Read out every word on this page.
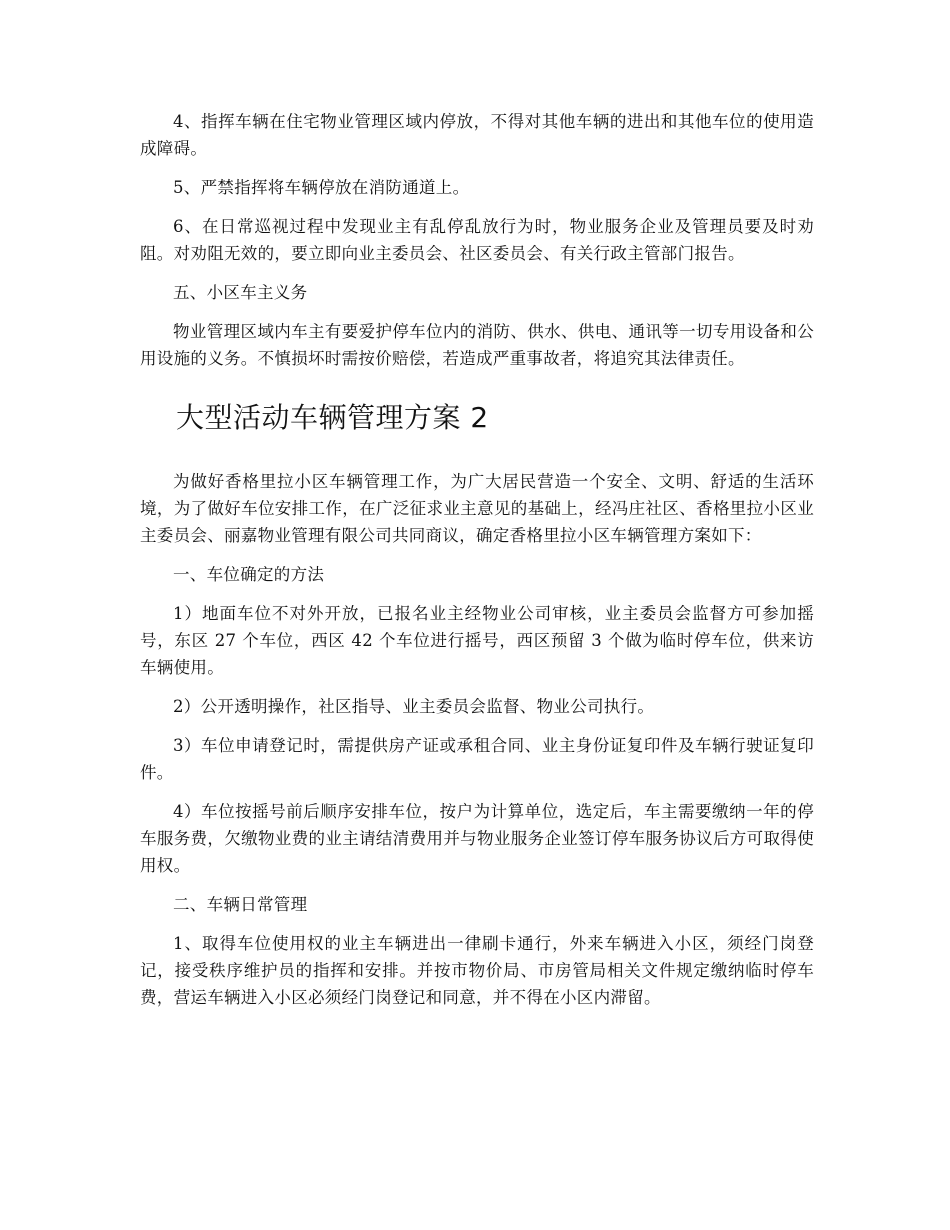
4、指挥车辆在住宅物业管理区域内停放，不得对其他车辆的进出和其他车位的使用造成障碍。

5、严禁指挥将车辆停放在消防通道上。

6、在日常巡视过程中发现业主有乱停乱放行为时，物业服务企业及管理员要及时劝阻。对劝阻无效的，要立即向业主委员会、社区委员会、有关行政主管部门报告。

五、小区车主义务

物业管理区域内车主有要爱护停车位内的消防、供水、供电、通讯等一切专用设备和公用设施的义务。不慎损坏时需按价赔偿，若造成严重事故者，将追究其法律责任。

大型活动车辆管理方案 2

为做好香格里拉小区车辆管理工作，为广大居民营造一个安全、文明、舒适的生活环境，为了做好车位安排工作，在广泛征求业主意见的基础上，经冯庄社区、香格里拉小区业主委员会、丽嘉物业管理有限公司共同商议，确定香格里拉小区车辆管理方案如下：

一、车位确定的方法

1）地面车位不对外开放，已报名业主经物业公司审核，业主委员会监督方可参加摇号，东区 27 个车位，西区 42 个车位进行摇号，西区预留 3 个做为临时停车位，供来访车辆使用。

2）公开透明操作，社区指导、业主委员会监督、物业公司执行。

3）车位申请登记时，需提供房产证或承租合同、业主身份证复印件及车辆行驶证复印件。

4）车位按摇号前后顺序安排车位，按户为计算单位，选定后，车主需要缴纳一年的停车服务费，欠缴物业费的业主请结清费用并与物业服务企业签订停车服务协议后方可取得使用权。

二、车辆日常管理

1、取得车位使用权的业主车辆进出一律刷卡通行，外来车辆进入小区，须经门岗登记，接受秩序维护员的指挥和安排。并按市物价局、市房管局相关文件规定缴纳临时停车费，营运车辆进入小区必须经门岗登记和同意，并不得在小区内滞留。
